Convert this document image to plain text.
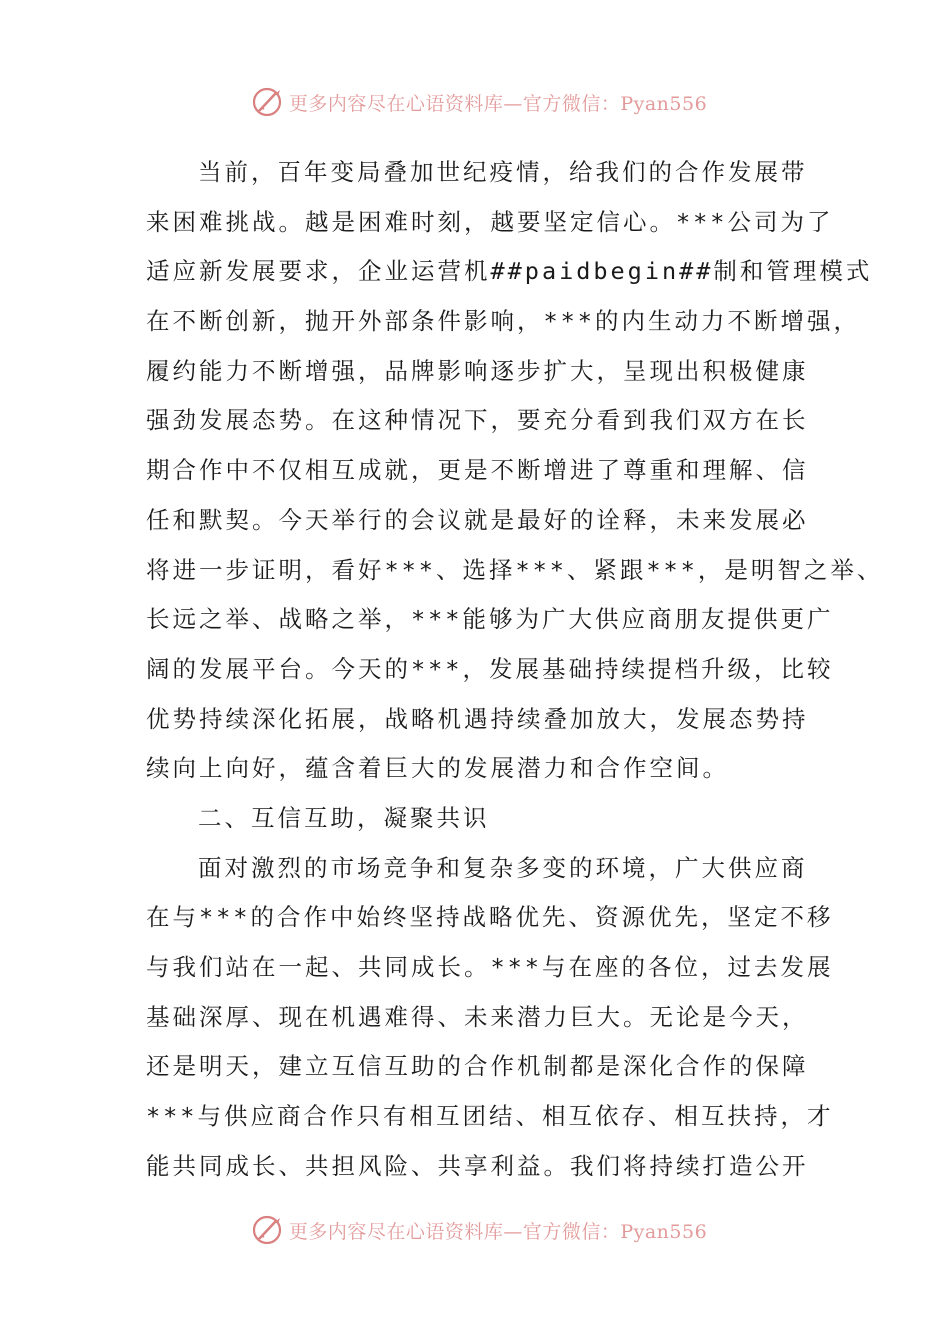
更多内容尽在心语资料库—官方微信：Pyan556
当前，百年变局叠加世纪疫情，给我们的合作发展带
来困难挑战。越是困难时刻，越要坚定信心。***公司为了
适应新发展要求，企业运营机##paidbegin##制和管理模式
在不断创新，抛开外部条件影响，***的内生动力不断增强，
履约能力不断增强，品牌影响逐步扩大，呈现出积极健康
强劲发展态势。在这种情况下，要充分看到我们双方在长
期合作中不仅相互成就，更是不断增进了尊重和理解、信
任和默契。今天举行的会议就是最好的诠释，未来发展必
将进一步证明，看好***、选择***、紧跟***，是明智之举、
长远之举、战略之举，***能够为广大供应商朋友提供更广
阔的发展平台。今天的***，发展基础持续提档升级，比较
优势持续深化拓展，战略机遇持续叠加放大，发展态势持
续向上向好，蕴含着巨大的发展潜力和合作空间。
二、互信互助，凝聚共识
面对激烈的市场竞争和复杂多变的环境，广大供应商
在与***的合作中始终坚持战略优先、资源优先，坚定不移
与我们站在一起、共同成长。***与在座的各位，过去发展
基础深厚、现在机遇难得、未来潜力巨大。无论是今天，
还是明天，建立互信互助的合作机制都是深化合作的保障
***与供应商合作只有相互团结、相互依存、相互扶持，才
能共同成长、共担风险、共享利益。我们将持续打造公开
更多内容尽在心语资料库—官方微信：Pyan556
